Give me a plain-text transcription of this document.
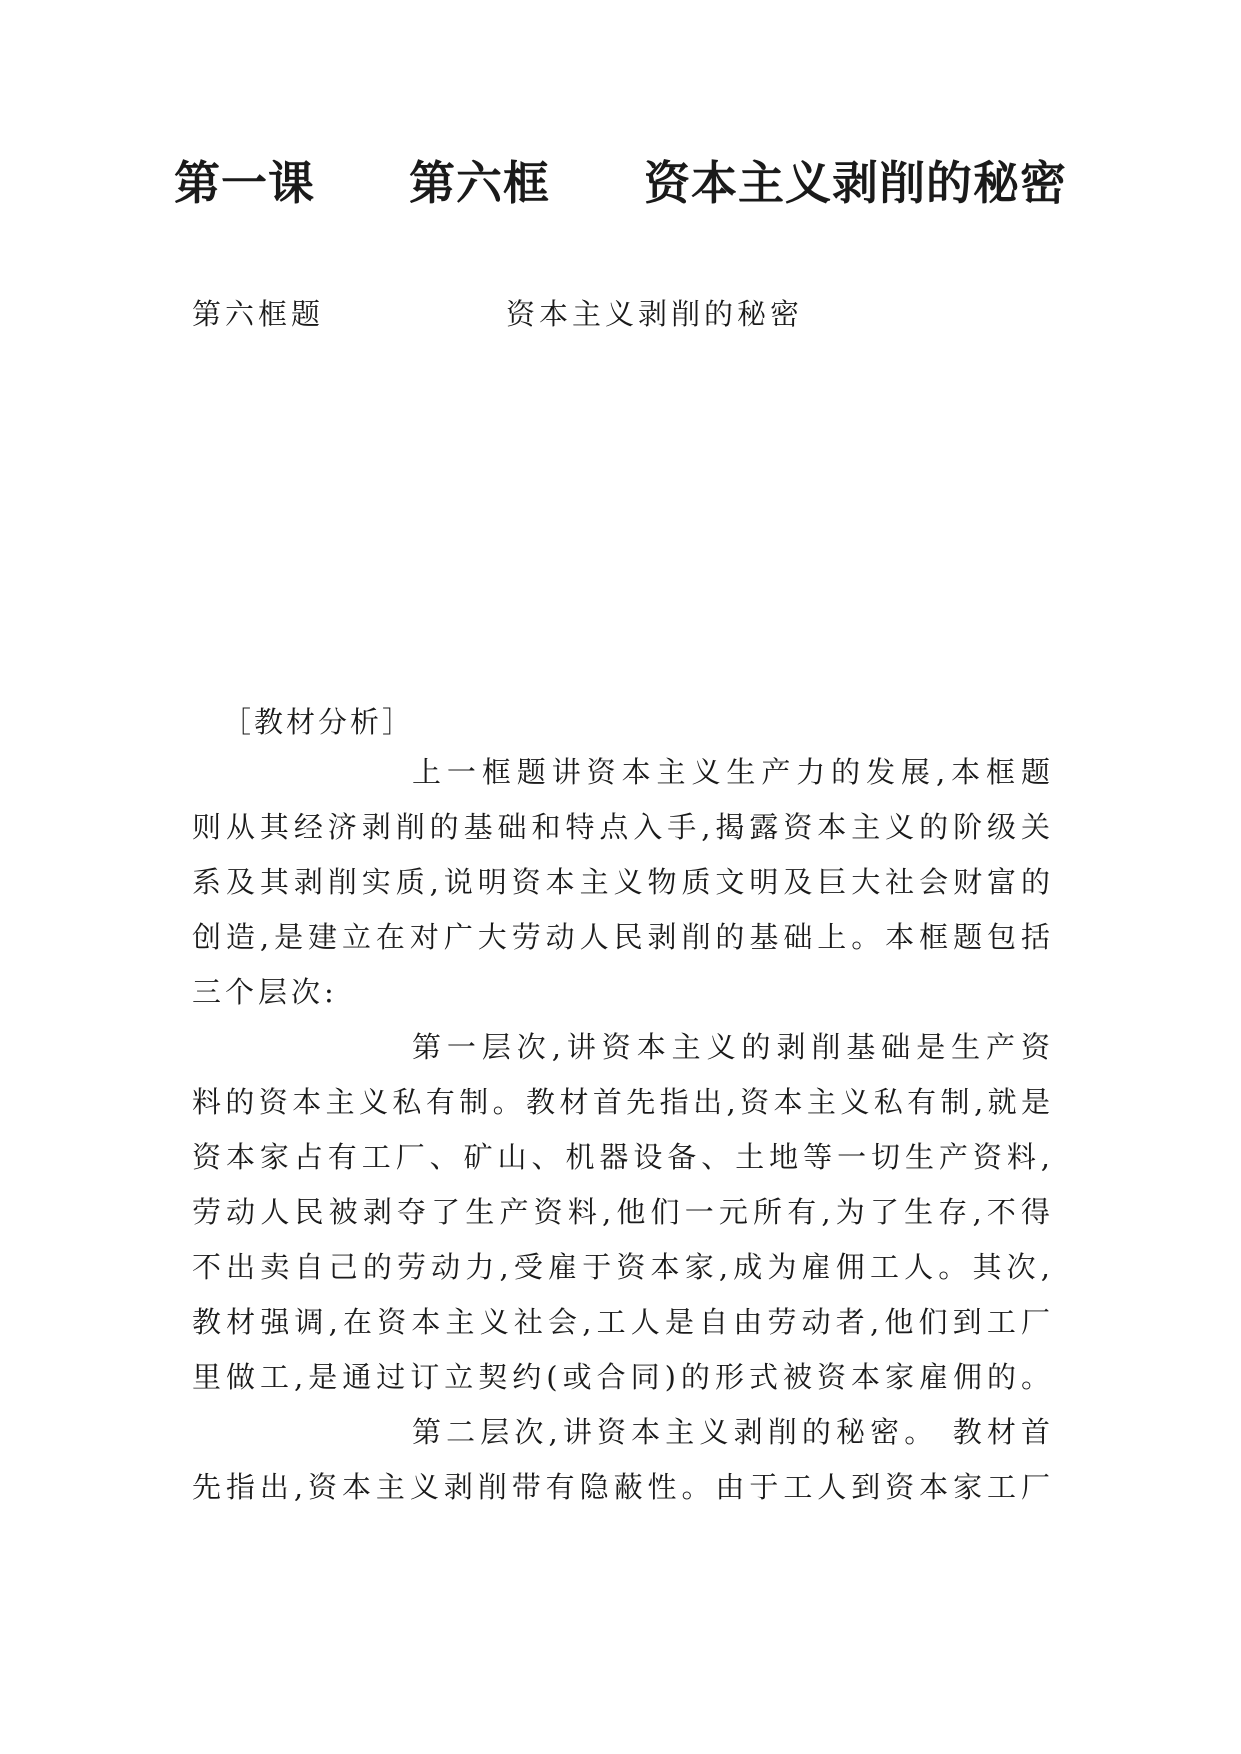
第一课　　第六框　　资本主义剥削的秘密
第六框题	资本主义剥削的秘密
［教材分析］
上一框题讲资本主义生产力的发展,本框题
则从其经济剥削的基础和特点入手,揭露资本主义的阶级关
系及其剥削实质,说明资本主义物质文明及巨大社会财富的
创造,是建立在对广大劳动人民剥削的基础上。本框题包括
三个层次:
第一层次,讲资本主义的剥削基础是生产资
料的资本主义私有制。教材首先指出,资本主义私有制,就是
资本家占有工厂、矿山、机器设备、土地等一切生产资料,
劳动人民被剥夺了生产资料,他们一元所有,为了生存,不得
不出卖自己的劳动力,受雇于资本家,成为雇佣工人。其次,
教材强调,在资本主义社会,工人是自由劳动者,他们到工厂
里做工,是通过订立契约(或合同)的形式被资本家雇佣的。
第二层次,讲资本主义剥削的秘密。 教材首
先指出,资本主义剥削带有隐蔽性。由于工人到资本家工厂
